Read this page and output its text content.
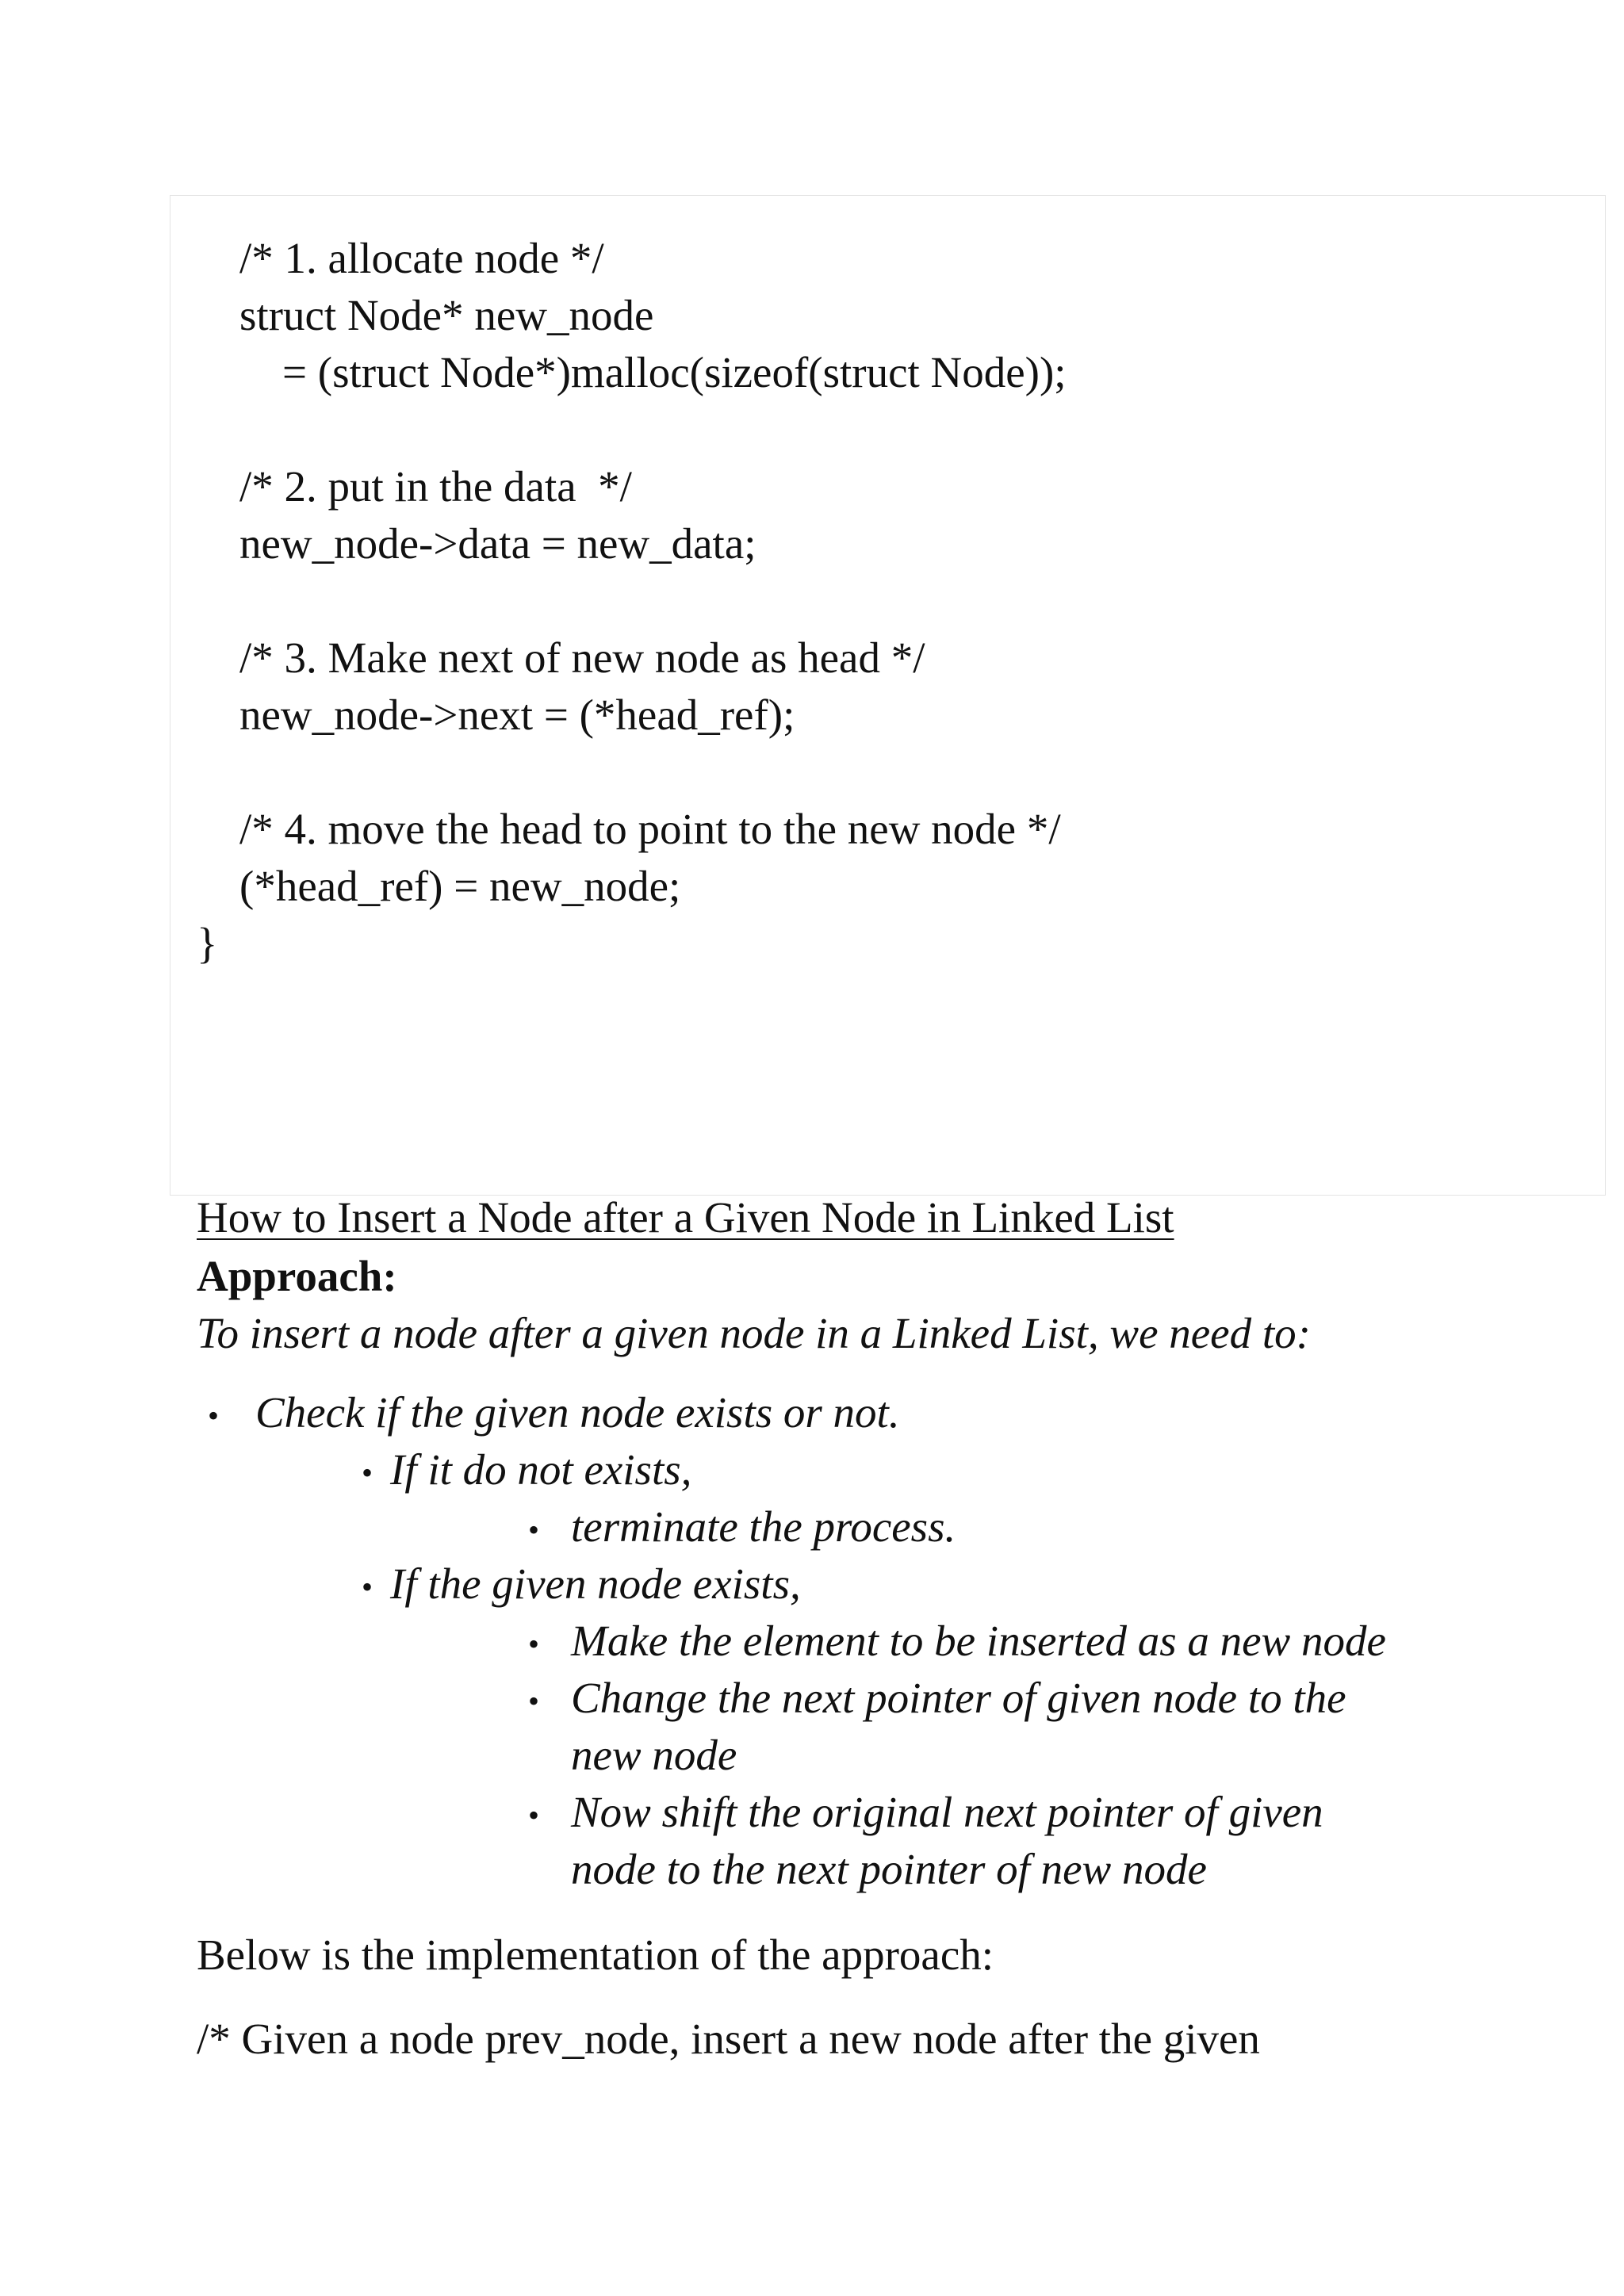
/* 1. allocate node */
struct Node* new_node
= (struct Node*)malloc(sizeof(struct Node));
/* 2. put in the data  */
new_node->data = new_data;
/* 3. Make next of new node as head */
new_node->next = (*head_ref);
/* 4. move the head to point to the new node */
(*head_ref) = new_node;
}
How to Insert a Node after a Given Node in Linked List
Approach:
To insert a node after a given node in a Linked List, we need to:
• Check if the given node exists or not.
• If it do not exists,
• terminate the process.
• If the given node exists,
• Make the element to be inserted as a new node
• Change the next pointer of given node to the
new node
• Now shift the original next pointer of given
node to the next pointer of new node
Below is the implementation of the approach:
/* Given a node prev_node, insert a new node after the given
